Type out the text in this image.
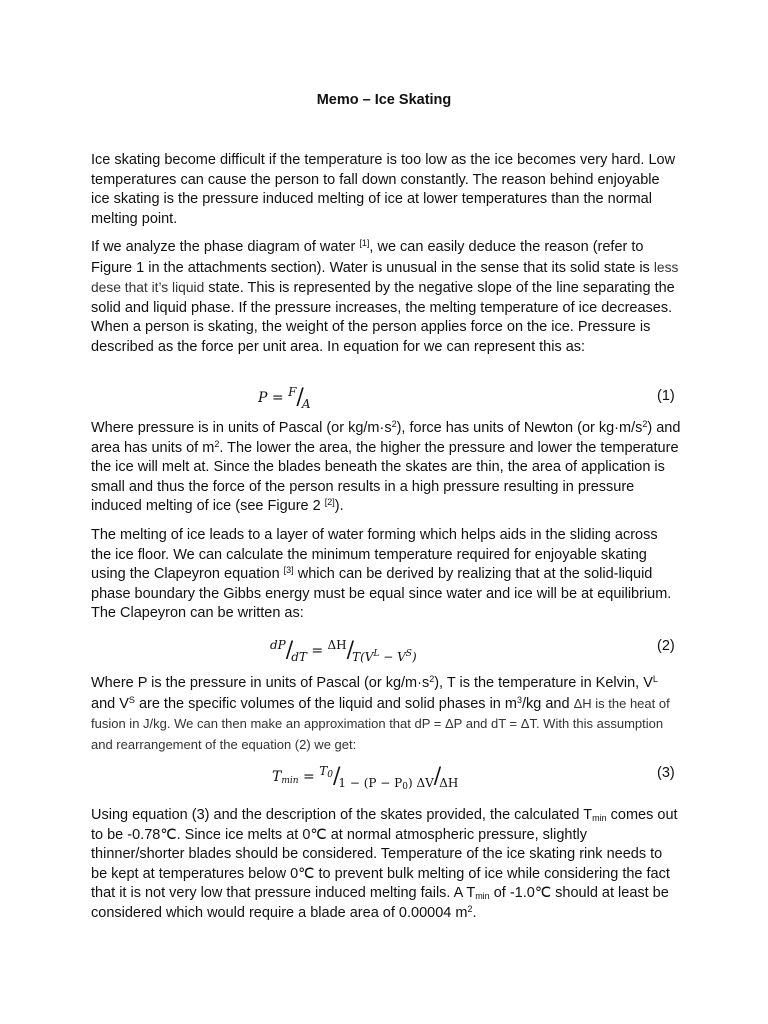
Memo – Ice Skating

Ice skating become difficult if the temperature is too low as the ice becomes very hard. Low temperatures can cause the person to fall down constantly. The reason behind enjoyable ice skating is the pressure induced melting of ice at lower temperatures than the normal melting point.

If we analyze the phase diagram of water [1], we can easily deduce the reason (refer to Figure 1 in the attachments section). Water is unusual in the sense that its solid state is less dese that it’s liquid state. This is represented by the negative slope of the line separating the solid and liquid phase. If the pressure increases, the melting temperature of ice decreases. When a person is skating, the weight of the person applies force on the ice. Pressure is described as the force per unit area. In equation for we can represent this as:

P = F/A	(1)

Where pressure is in units of Pascal (or $kg/m\cdot s^2$), force has units of Newton (or $kg\cdot m/s^2$) and area has units of $m^2$. The lower the area, the higher the pressure and lower the temperature the ice will melt at. Since the blades beneath the skates are thin, the area of application is small and thus the force of the person results in a high pressure resulting in pressure induced melting of ice (see Figure 2 [2]).

The melting of ice leads to a layer of water forming which helps aids in the sliding across the ice floor. We can calculate the minimum temperature required for enjoyable skating using the Clapeyron equation [3] which can be derived by realizing that at the solid-liquid phase boundary the Gibbs energy must be equal since water and ice will be at equilibrium. The Clapeyron can be written as:

$dP/dT = \Delta H/T(V^L - V^S)$
(2)

Where P is the pressure in units of Pascal (or $kg/m\cdot s^2$), T is the temperature in Kelvin, $V^L$ and $V^S$ are the specific volumes of the liquid and solid phases in $m^3/kg$ and ΔH is the heat of fusion in J/kg. We can then make an approximation that dP = ΔP and dT = ΔT. With this assumption and rearrangement of the equation (2) we get:

$T_{min} = T_0/1 - (P - P_0)$ ΔV/ΔH
(3)

Using equation (3) and the description of the skates provided, the calculated $T_{min}$ comes out to be -0.78℃. Since ice melts at 0℃ at normal atmospheric pressure, slightly thinner/shorter blades should be considered. Temperature of the ice skating rink needs to be kept at temperatures below 0℃ to prevent bulk melting of ice while considering the fact that it is not very low that pressure induced melting fails. A $T_{min}$ of -1.0℃ should at least be considered which would require a blade area of 0.00004 $m^2$.
